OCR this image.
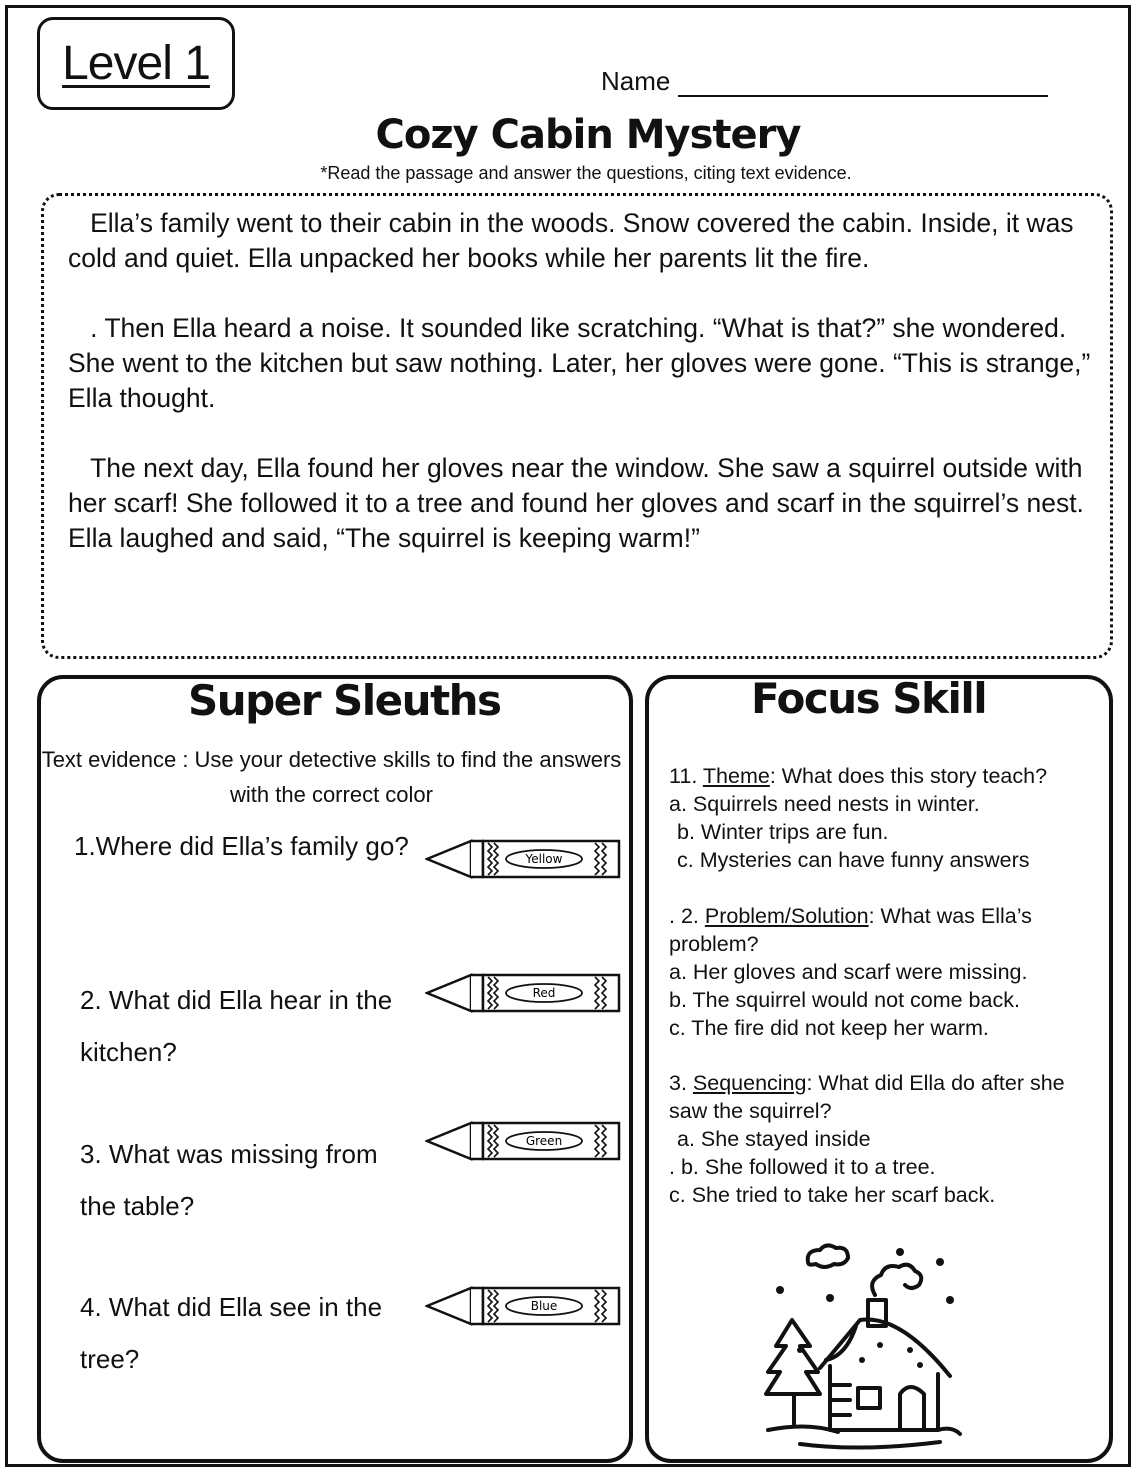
Level 1	Name
Cozy Cabin Mystery
*Read the passage and answer the questions, citing text evidence.

Ella’s family went to their cabin in the woods. Snow covered the cabin. Inside, it was cold and quiet. Ella unpacked her books while her parents lit the fire.

. Then Ella heard a noise. It sounded like scratching. “What is that?” she wondered. She went to the kitchen but saw nothing. Later, her gloves were gone. “This is strange,” Ella thought.

The next day, Ella found her gloves near the window. She saw a squirrel outside with her scarf! She followed it to a tree and found her gloves and scarf in the squirrel’s nest. Ella laughed and said, “The squirrel is keeping warm!”

Super Sleuths
Text evidence : Use your detective skills to find the answers with the correct color
1.Where did Ella’s family go?
2. What did Ella hear in the kitchen?
3. What was missing from the table?
4. What did Ella see in the tree?
Yellow
Red
Green
Blue
Focus Skill
11. Theme: What does this story teach?
a. Squirrels need nests in winter.
b. Winter trips are fun.
c. Mysteries can have funny answers
. 2. Problem/Solution: What was Ella’s problem?
a. Her gloves and scarf were missing.
b. The squirrel would not come back.
c. The fire did not keep her warm.
3. Sequencing: What did Ella do after she saw the squirrel?
a. She stayed inside
. b. She followed it to a tree.
c. She tried to take her scarf back.
